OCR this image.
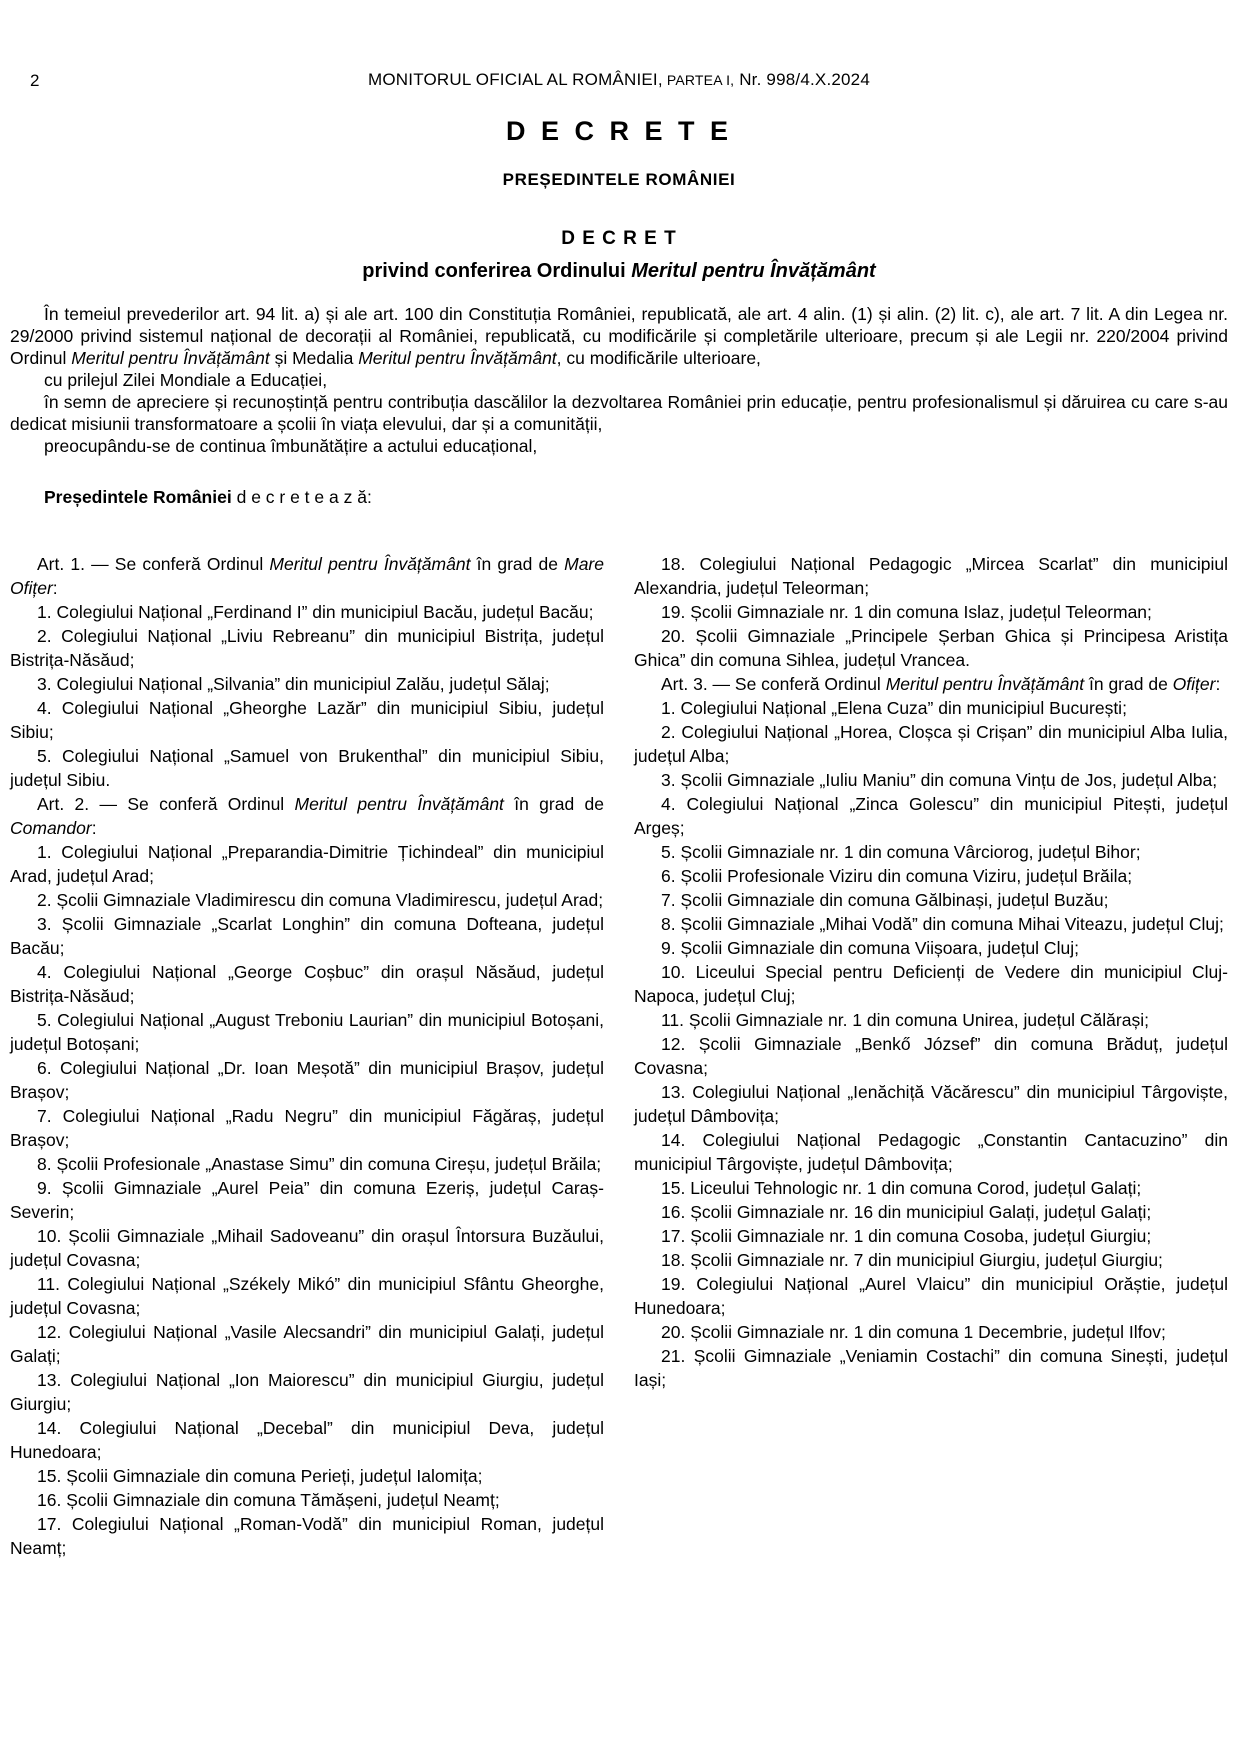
2	MONITORUL OFICIAL AL ROMÂNIEI, PARTEA I, Nr. 998/4.X.2024
D E C R E T E
PREȘEDINTELE ROMÂNIEI
D E C R E T
privind conferirea Ordinului Meritul pentru Învățământ

În temeiul prevederilor art. 94 lit. a) și ale art. 100 din Constituția României, republicată, ale art. 4 alin. (1) și alin. (2) lit. c), ale art. 7 lit. A din Legea nr. 29/2000 privind sistemul național de decorații al României, republicată, cu modificările și completările ulterioare, precum și ale Legii nr. 220/2004 privind Ordinul Meritul pentru Învățământ și Medalia Meritul pentru Învățământ, cu modificările ulterioare,

cu prilejul Zilei Mondiale a Educației,

în semn de apreciere și recunoștință pentru contribuția dascălilor la dezvoltarea României prin educație, pentru profesionalismul și dăruirea cu care s-au dedicat misiunii transformatoare a școlii în viața elevului, dar și a comunității,

preocupându-se de continua îmbunătățire a actului educațional,

Președintele României d e c r e t e a z ă:

Art. 1. — Se conferă Ordinul Meritul pentru Învățământ în grad de Mare Ofițer:

1. Colegiului Național „Ferdinand I” din municipiul Bacău, județul Bacău;

2. Colegiului Național „Liviu Rebreanu” din municipiul Bistrița, județul Bistrița-Năsăud;

3. Colegiului Național „Silvania” din municipiul Zalău, județul Sălaj;

4. Colegiului Național „Gheorghe Lazăr” din municipiul Sibiu, județul Sibiu;

5. Colegiului Național „Samuel von Brukenthal” din municipiul Sibiu, județul Sibiu.

Art. 2. — Se conferă Ordinul Meritul pentru Învățământ în grad de Comandor:

1. Colegiului Național „Preparandia-Dimitrie Țichindeal” din municipiul Arad, județul Arad;

2. Școlii Gimnaziale Vladimirescu din comuna Vladimirescu, județul Arad;

3. Școlii Gimnaziale „Scarlat Longhin” din comuna Dofteana, județul Bacău;

4. Colegiului Național „George Coșbuc” din orașul Năsăud, județul Bistrița-Năsăud;

5. Colegiului Național „August Treboniu Laurian” din municipiul Botoșani, județul Botoșani;

6. Colegiului Național „Dr. Ioan Meșotă” din municipiul Brașov, județul Brașov;

7. Colegiului Național „Radu Negru” din municipiul Făgăraș, județul Brașov;

8. Școlii Profesionale „Anastase Simu” din comuna Cireșu, județul Brăila;

9. Școlii Gimnaziale „Aurel Peia” din comuna Ezeriș, județul Caraș-Severin;

10. Școlii Gimnaziale „Mihail Sadoveanu” din orașul Întorsura Buzăului, județul Covasna;

11. Colegiului Național „Székely Mikó” din municipiul Sfântu Gheorghe, județul Covasna;

12. Colegiului Național „Vasile Alecsandri” din municipiul Galați, județul Galați;

13. Colegiului Național „Ion Maiorescu” din municipiul Giurgiu, județul Giurgiu;

14. Colegiului Național „Decebal” din municipiul Deva, județul Hunedoara;

15. Școlii Gimnaziale din comuna Perieți, județul Ialomița;

16. Școlii Gimnaziale din comuna Tămășeni, județul Neamț;

17. Colegiului Național „Roman-Vodă” din municipiul Roman, județul Neamț;

18. Colegiului Național Pedagogic „Mircea Scarlat” din municipiul Alexandria, județul Teleorman;

19. Școlii Gimnaziale nr. 1 din comuna Islaz, județul Teleorman;

20. Școlii Gimnaziale „Principele Șerban Ghica și Principesa Aristița Ghica” din comuna Sihlea, județul Vrancea.

Art. 3. — Se conferă Ordinul Meritul pentru Învățământ în grad de Ofițer:

1. Colegiului Național „Elena Cuza” din municipiul București;

2. Colegiului Național „Horea, Cloșca și Crișan” din municipiul Alba Iulia, județul Alba;

3. Școlii Gimnaziale „Iuliu Maniu” din comuna Vințu de Jos, județul Alba;

4. Colegiului Național „Zinca Golescu” din municipiul Pitești, județul Argeș;

5. Școlii Gimnaziale nr. 1 din comuna Vârciorog, județul Bihor;

6. Școlii Profesionale Viziru din comuna Viziru, județul Brăila;

7. Școlii Gimnaziale din comuna Gălbinași, județul Buzău;

8. Școlii Gimnaziale „Mihai Vodă” din comuna Mihai Viteazu, județul Cluj;

9. Școlii Gimnaziale din comuna Viișoara, județul Cluj;

10. Liceului Special pentru Deficienți de Vedere din municipiul Cluj-Napoca, județul Cluj;

11. Școlii Gimnaziale nr. 1 din comuna Unirea, județul Călărași;

12. Școlii Gimnaziale „Benkő József” din comuna Brăduț, județul Covasna;

13. Colegiului Național „Ienăchiță Văcărescu” din municipiul Târgoviște, județul Dâmbovița;

14. Colegiului Național Pedagogic „Constantin Cantacuzino” din municipiul Târgoviște, județul Dâmbovița;

15. Liceului Tehnologic nr. 1 din comuna Corod, județul Galați;

16. Școlii Gimnaziale nr. 16 din municipiul Galați, județul Galați;

17. Școlii Gimnaziale nr. 1 din comuna Cosoba, județul Giurgiu;

18. Școlii Gimnaziale nr. 7 din municipiul Giurgiu, județul Giurgiu;

19. Colegiului Național „Aurel Vlaicu” din municipiul Orăștie, județul Hunedoara;

20. Școlii Gimnaziale nr. 1 din comuna 1 Decembrie, județul Ilfov;

21. Școlii Gimnaziale „Veniamin Costachi” din comuna Sinești, județul Iași;
